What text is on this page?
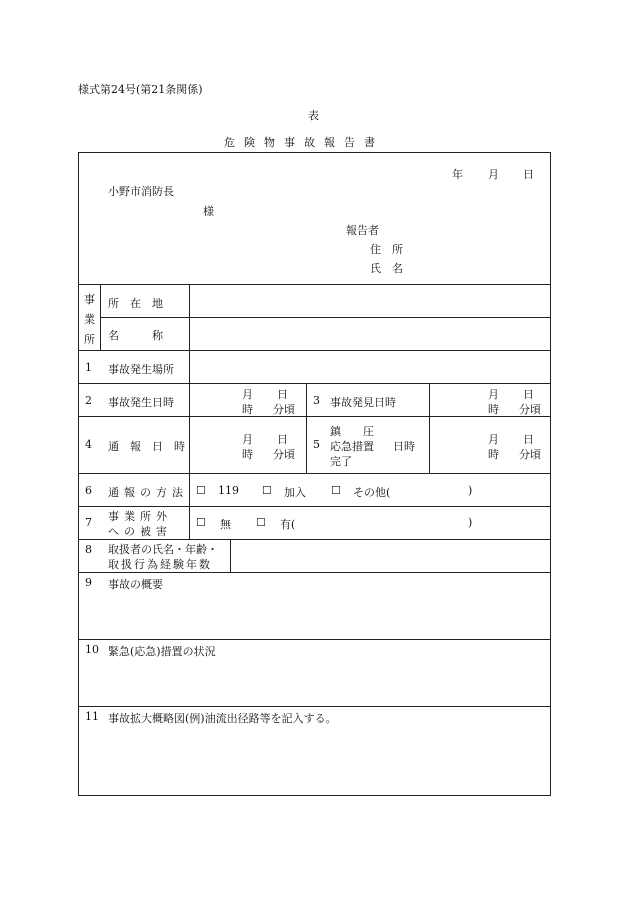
様式第24号(第21条関係)
表
危険物事故報告書
年 月 日
小野市消防長
様
報告者
住　所
氏　名
事
業
所
所　在　地
名　　　称
1 事故発生場所
2 事故発生日時
月 日
時 分頃
3 事故発見日時
月 日
時 分頃
4 通　報　日　時
月 日
時 分頃
5
鎮　　圧
応急措置 日時
完了
月 日
時 分頃
6 通報の方法 ☐ 119 ☐ 加入 ☐ その他(	)
7 事業所外
への被害
☐ 無 ☐ 有(	)
8 取扱者の氏名・年齢・
取扱行為経験年数
9 事故の概要
10 緊急(応急)措置の状況
11 事故拡大概略図(例)油流出径路等を記入する。
